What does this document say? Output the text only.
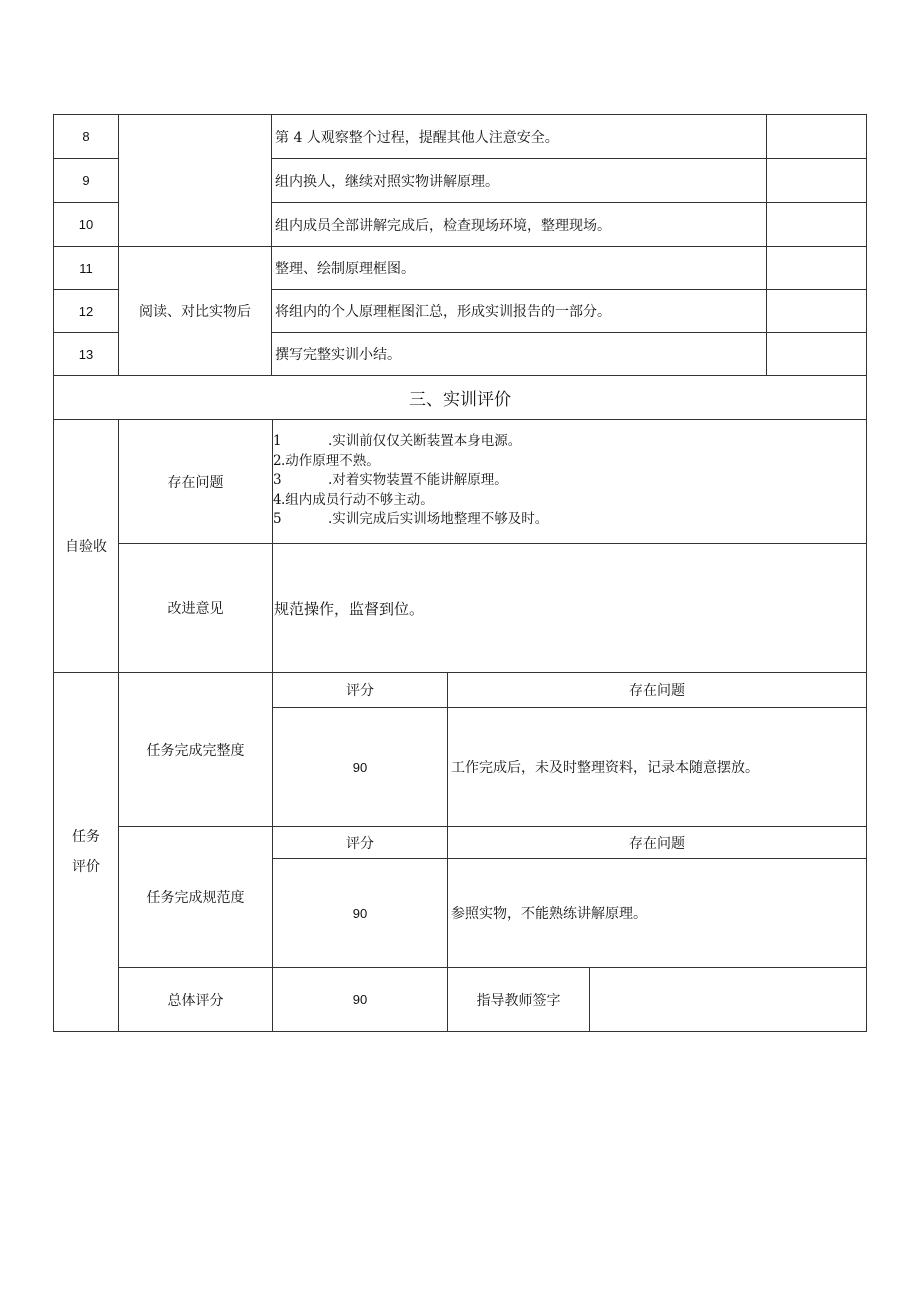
8	第 4 人观察整个过程，提醒其他人注意安全。
9	组内换人，继续对照实物讲解原理。
10	组内成员全部讲解完成后，检查现场环境，整理现场。
11	整理、绘制原理框图。
12	将组内的个人原理框图汇总，形成实训报告的一部分。
13	撰写完整实训小结。
阅读、对比实物后
三、实训评价
自验收
存在问题
1	.实训前仅仅关断装置本身电源。
2 .动作原理不熟。
3	.对着实物装置不能讲解原理。
4 .组内成员行动不够主动。
5	.实训完成后实训场地整理不够及时。
改进意见	规范操作，监督到位。
任务
评价
任务完成完整度
评分	存在问题
90	工作完成后，未及时整理资料，记录本随意摆放。
任务完成规范度
评分	存在问题
90	参照实物，不能熟练讲解原理。
总体评分	90	指导教师签字
